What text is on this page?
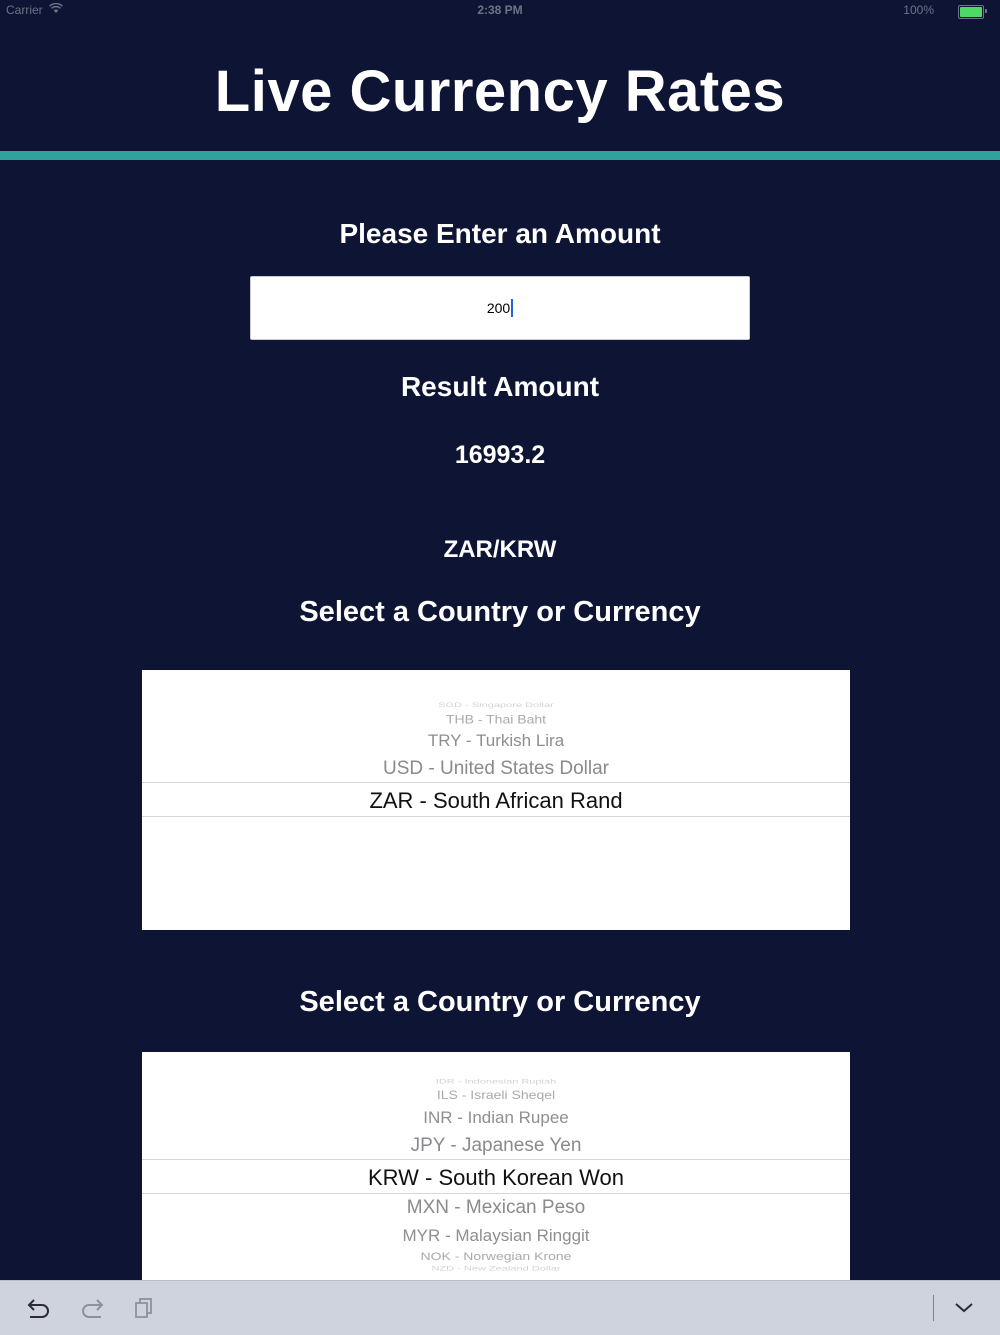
Carrier	2:38 PM	100%
Live Currency Rates
Please Enter an Amount
200
Result Amount
16993.2
ZAR/KRW
Select a Country or Currency
SGD - Singapore Dollar
THB - Thai Baht
TRY - Turkish Lira
USD - United States Dollar
ZAR - South African Rand
Select a Country or Currency
IDR - Indonesian Rupiah
ILS - Israeli Sheqel
INR - Indian Rupee
JPY - Japanese Yen
KRW - South Korean Won
MXN - Mexican Peso
MYR - Malaysian Ringgit
NOK - Norwegian Krone
NZD - New Zealand Dollar
